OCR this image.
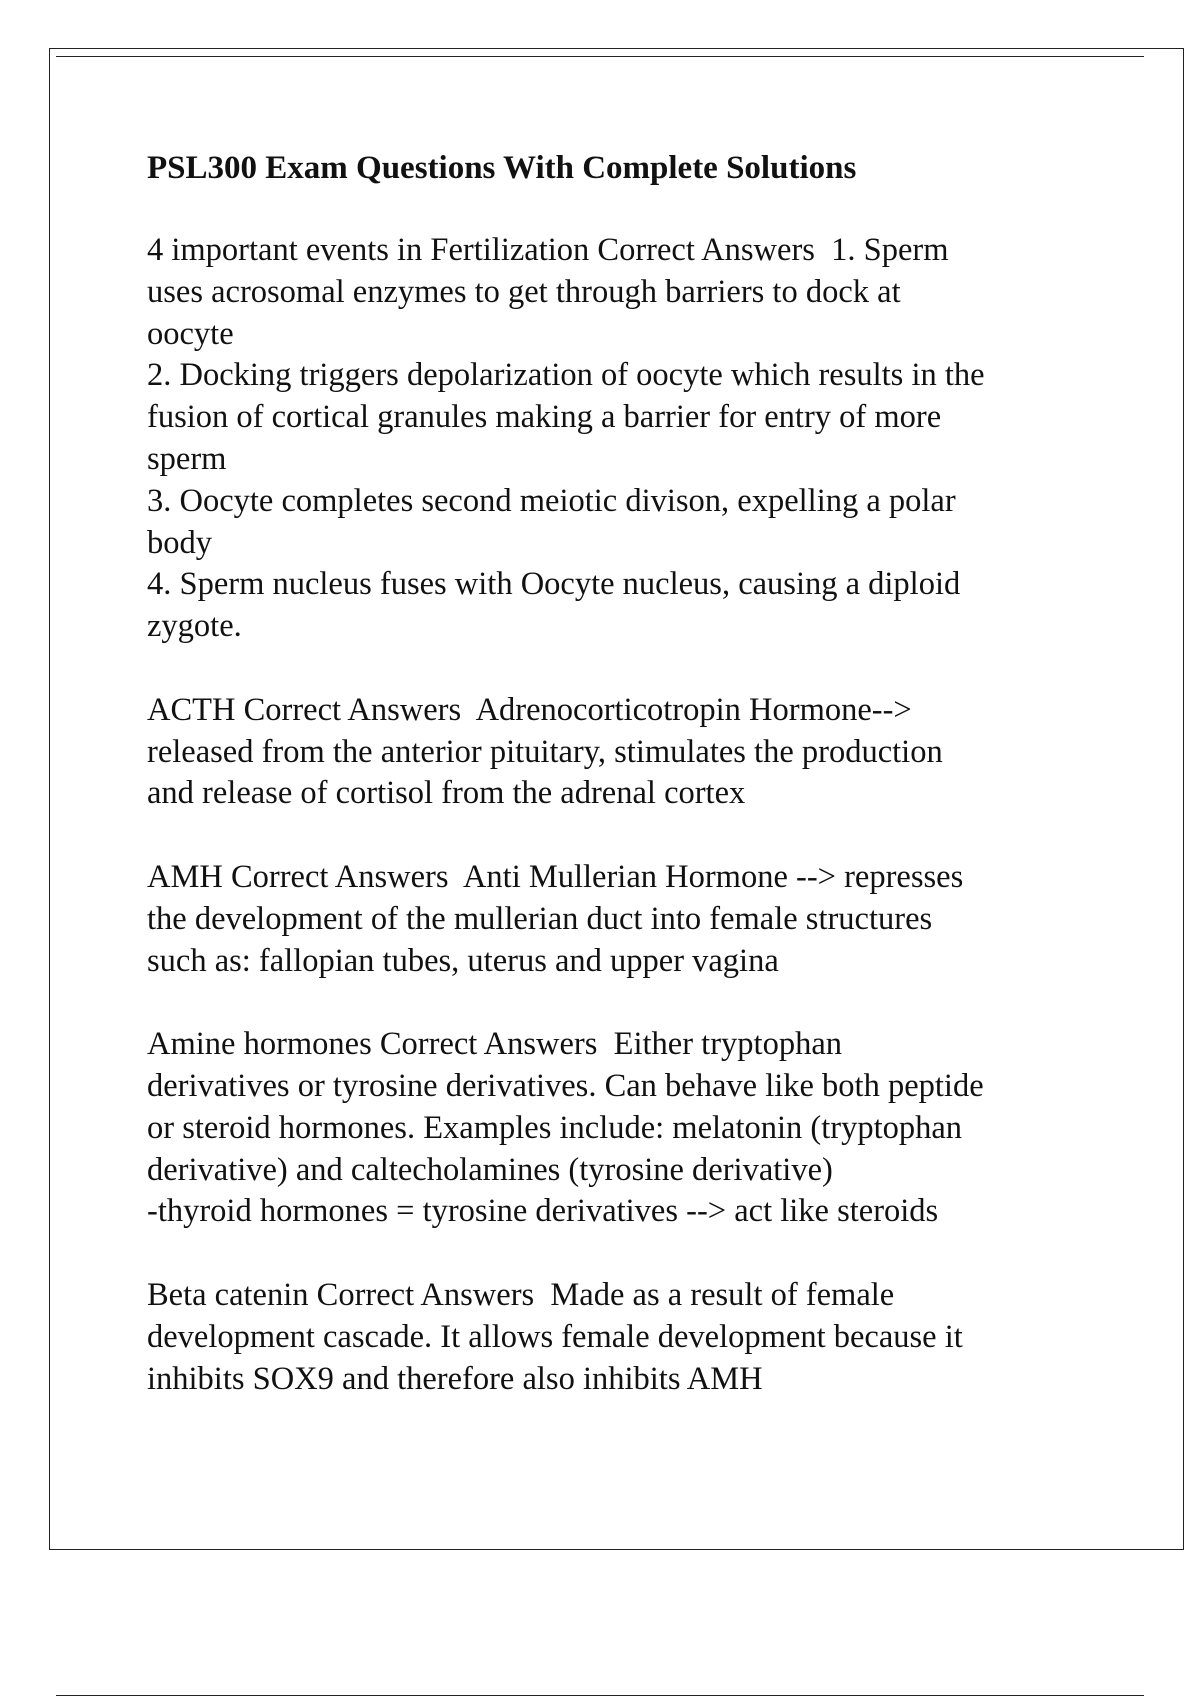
PSL300 Exam Questions With Complete Solutions
4 important events in Fertilization Correct Answers  1. Sperm
uses acrosomal enzymes to get through barriers to dock at
oocyte
2. Docking triggers depolarization of oocyte which results in the
fusion of cortical granules making a barrier for entry of more
sperm
3. Oocyte completes second meiotic divison, expelling a polar
body
4. Sperm nucleus fuses with Oocyte nucleus, causing a diploid
zygote.
ACTH Correct Answers  Adrenocorticotropin Hormone-->
released from the anterior pituitary, stimulates the production
and release of cortisol from the adrenal cortex
AMH Correct Answers  Anti Mullerian Hormone --> represses
the development of the mullerian duct into female structures
such as: fallopian tubes, uterus and upper vagina
Amine hormones Correct Answers  Either tryptophan
derivatives or tyrosine derivatives. Can behave like both peptide
or steroid hormones. Examples include: melatonin (tryptophan
derivative) and caltecholamines (tyrosine derivative)
-thyroid hormones = tyrosine derivatives --> act like steroids
Beta catenin Correct Answers  Made as a result of female
development cascade. It allows female development because it
inhibits SOX9 and therefore also inhibits AMH
